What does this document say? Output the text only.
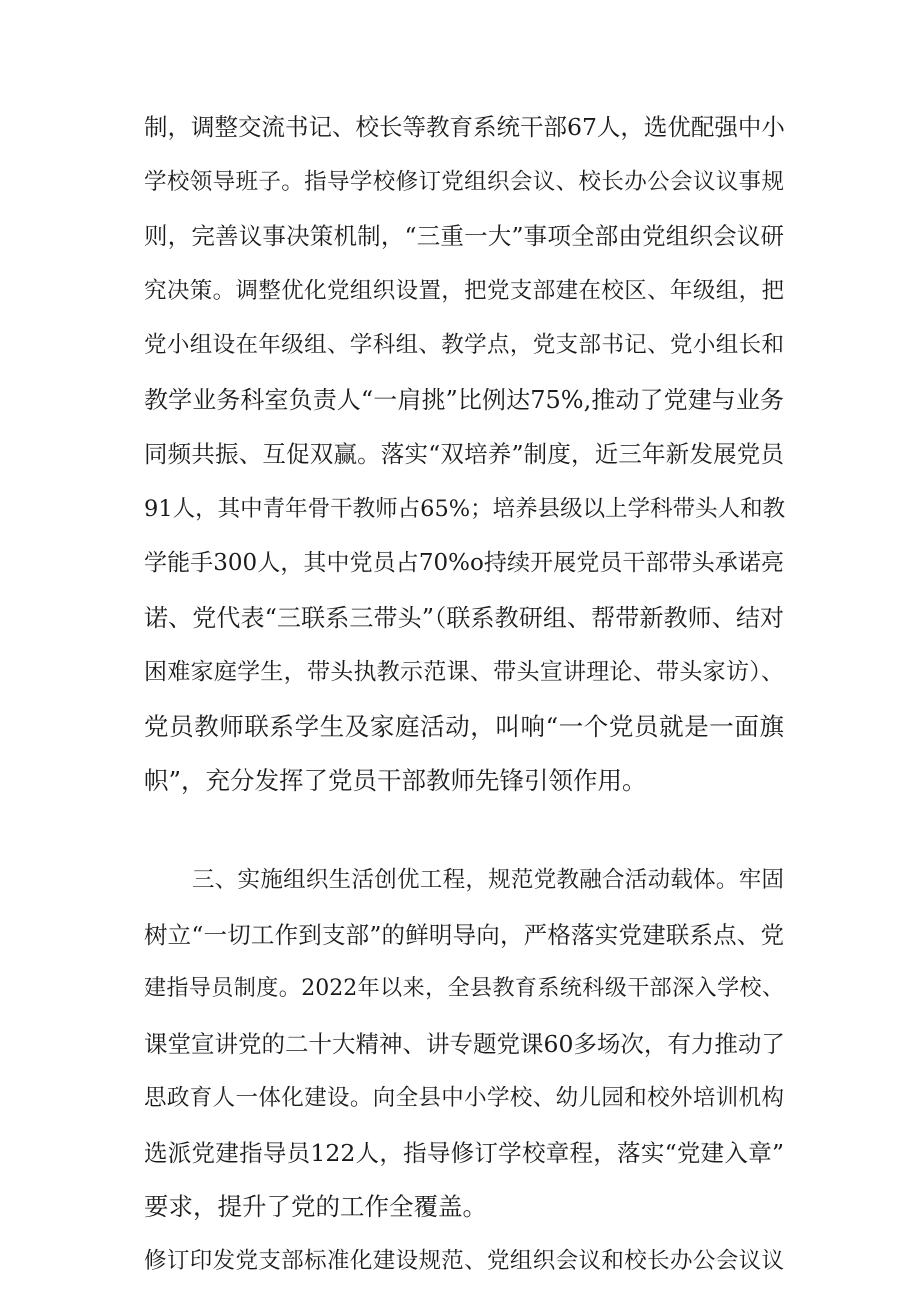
制，调整交流书记、校长等教育系统干部67人，选优配强中小
学校领导班子。指导学校修订党组织会议、校长办公会议议事规
则，完善议事决策机制，“三重一大”事项全部由党组织会议研
究决策。调整优化党组织设置，把党支部建在校区、年级组，把
党小组设在年级组、学科组、教学点，党支部书记、党小组长和
教学业务科室负责人“一肩挑”比例达75%,推动了党建与业务
同频共振、互促双赢。落实“双培养”制度，近三年新发展党员
91人，其中青年骨干教师占65%；培养县级以上学科带头人和教
学能手300人，其中党员占70%o持续开展党员干部带头承诺亮
诺、党代表“三联系三带头”（联系教研组、帮带新教师、结对
困难家庭学生，带头执教示范课、带头宣讲理论、带头家访）、
党员教师联系学生及家庭活动，叫响“一个党员就是一面旗
帜”，充分发挥了党员干部教师先锋引领作用。
三、实施组织生活创优工程，规范党教融合活动载体。牢固
树立“一切工作到支部”的鲜明导向，严格落实党建联系点、党
建指导员制度。2022年以来，全县教育系统科级干部深入学校、
课堂宣讲党的二十大精神、讲专题党课60多场次，有力推动了
思政育人一体化建设。向全县中小学校、幼儿园和校外培训机构
选派党建指导员122人，指导修订学校章程，落实“党建入章”
要求，提升了党的工作全覆盖。
修订印发党支部标准化建设规范、党组织会议和校长办公会议议
